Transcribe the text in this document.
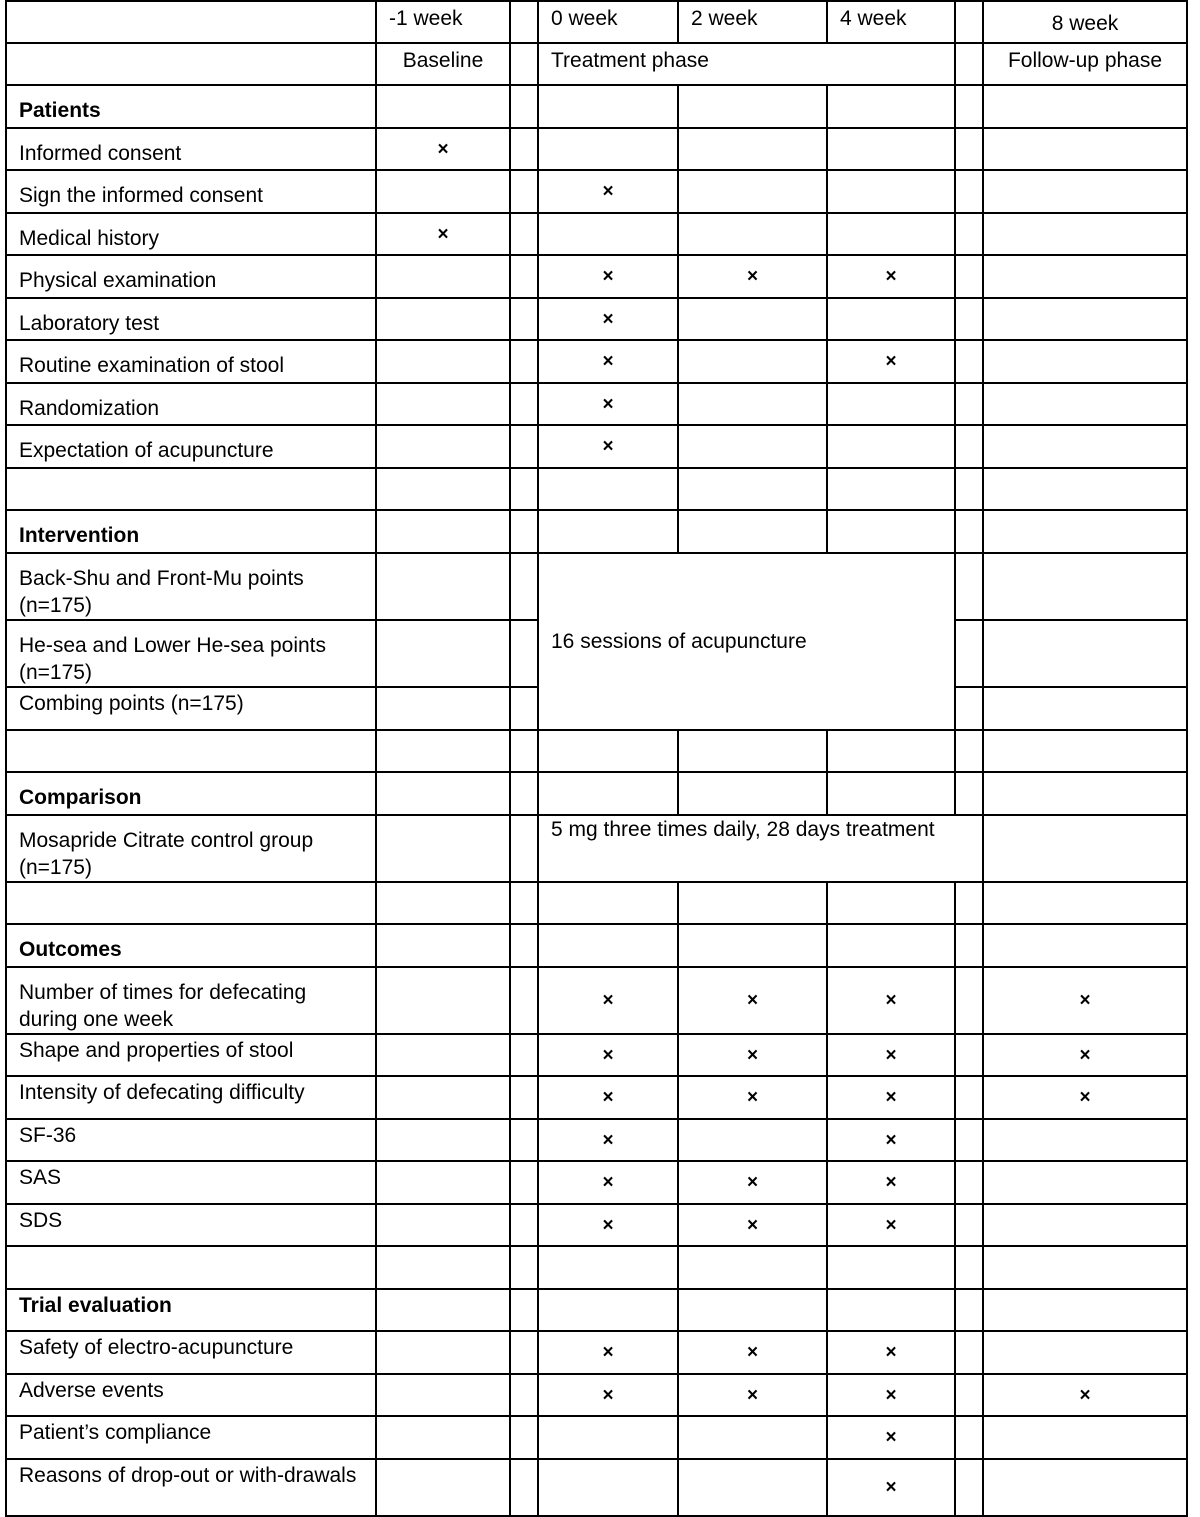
	-1 week		0 week	2 week	4 week		8 week
	Baseline		Treatment phase				Follow-up phase
Patients							
Informed consent	×						
Sign the informed consent			×				
Medical history	×						
Physical examination			×	×	×		
Laboratory test			×				
Routine examination of stool			×		×		
Randomization			×				
Expectation of acupuncture			×				

Intervention							
Back-Shu and Front-Mu points (n=175)			16 sessions of acupuncture				
He-sea and Lower He-sea points (n=175)							
Combing points (n=175)							

Comparison							
Mosapride Citrate control group (n=175)			5 mg three times daily, 28 days treatment				

Outcomes							
Number of times for defecating during one week			×	×	×		×
Shape and properties of stool			×	×	×		×
Intensity of defecating difficulty			×	×	×		×
SF-36			×		×		
SAS			×	×	×		
SDS			×	×	×		

Trial evaluation							
Safety of electro-acupuncture			×	×	×		
Adverse events			×	×	×		×
Patient’s compliance					×		
Reasons of drop-out or with-drawals					×		
